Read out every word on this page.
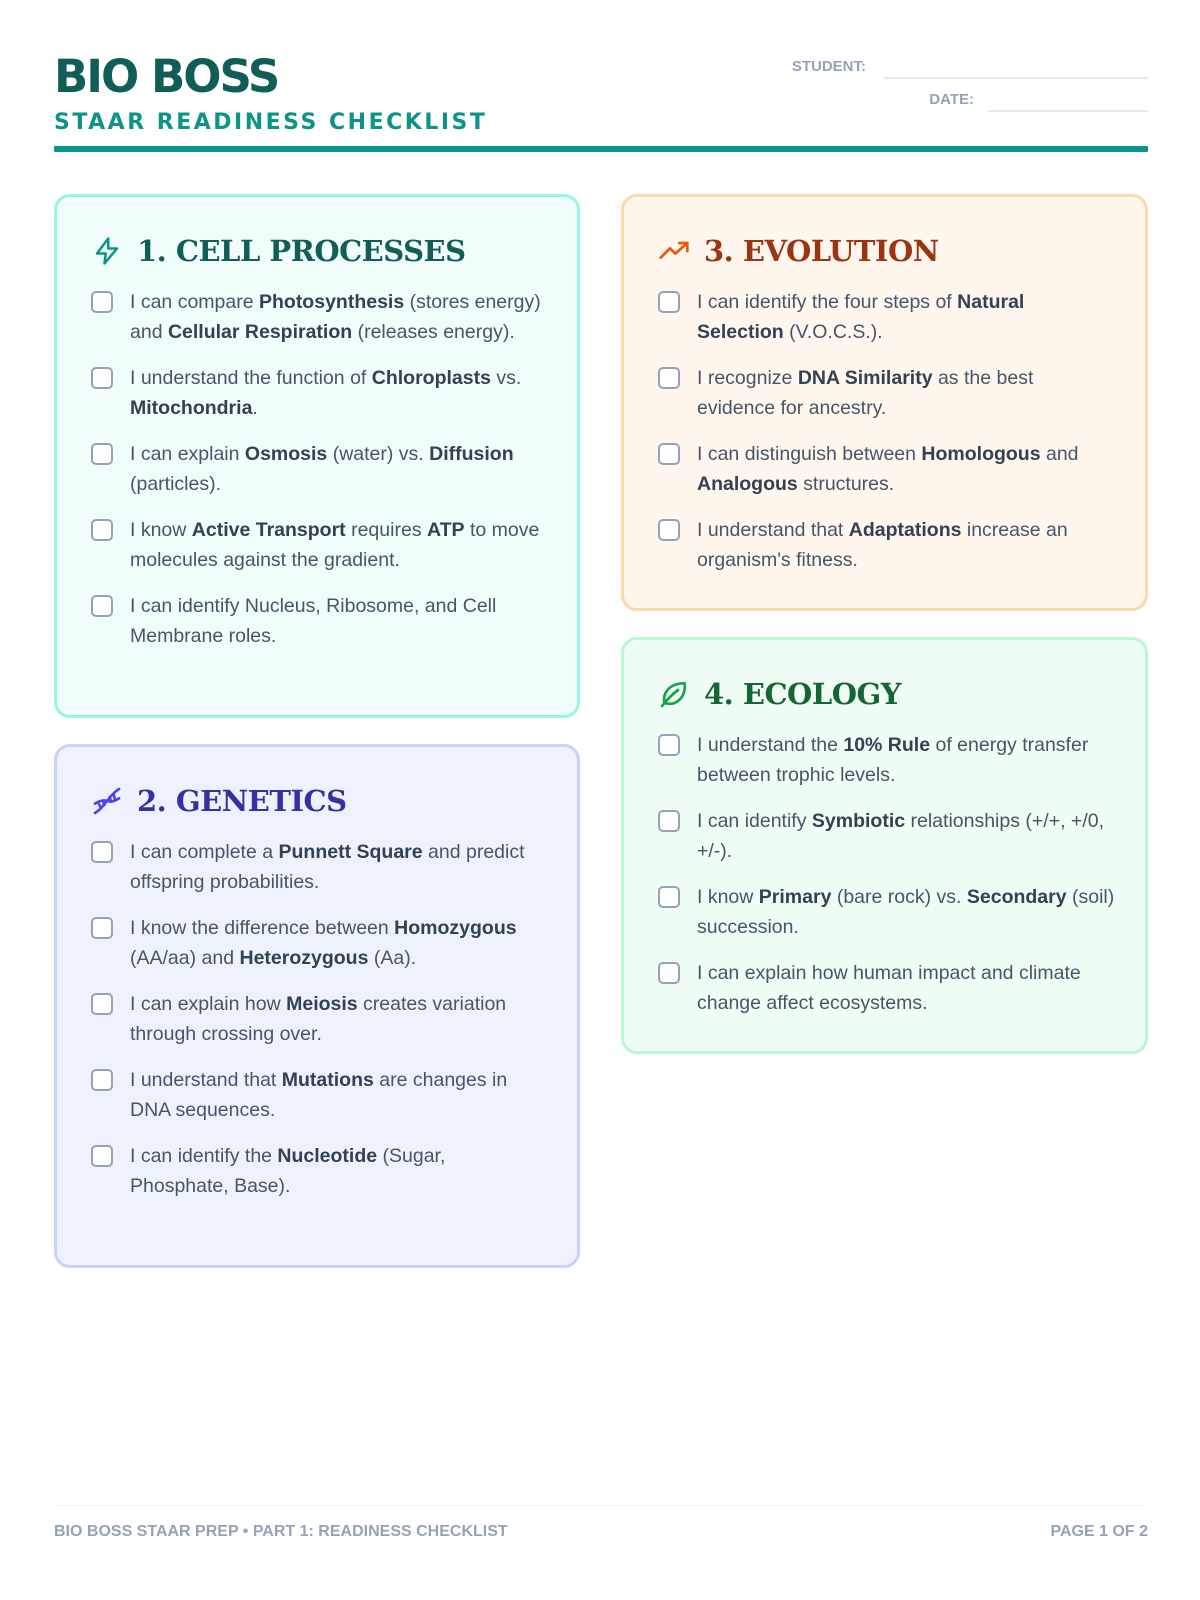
BIO BOSS
STAAR READINESS CHECKLIST
STUDENT:
DATE:
1. CELL PROCESSES
I can compare Photosynthesis (stores energy) and Cellular Respiration (releases energy).
I understand the function of Chloroplasts vs. Mitochondria.
I can explain Osmosis (water) vs. Diffusion (particles).
I know Active Transport requires ATP to move molecules against the gradient.
I can identify Nucleus, Ribosome, and Cell Membrane roles.
2. GENETICS
I can complete a Punnett Square and predict offspring probabilities.
I know the difference between Homozygous (AA/aa) and Heterozygous (Aa).
I can explain how Meiosis creates variation through crossing over.
I understand that Mutations are changes in DNA sequences.
I can identify the Nucleotide (Sugar, Phosphate, Base).
3. EVOLUTION
I can identify the four steps of Natural Selection (V.O.C.S.).
I recognize DNA Similarity as the best evidence for ancestry.
I can distinguish between Homologous and Analogous structures.
I understand that Adaptations increase an organism's fitness.
4. ECOLOGY
I understand the 10% Rule of energy transfer between trophic levels.
I can identify Symbiotic relationships (+/+, +/0, +/-).
I know Primary (bare rock) vs. Secondary (soil) succession.
I can explain how human impact and climate change affect ecosystems.
BIO BOSS STAAR PREP • PART 1: READINESS CHECKLIST	PAGE 1 OF 2
